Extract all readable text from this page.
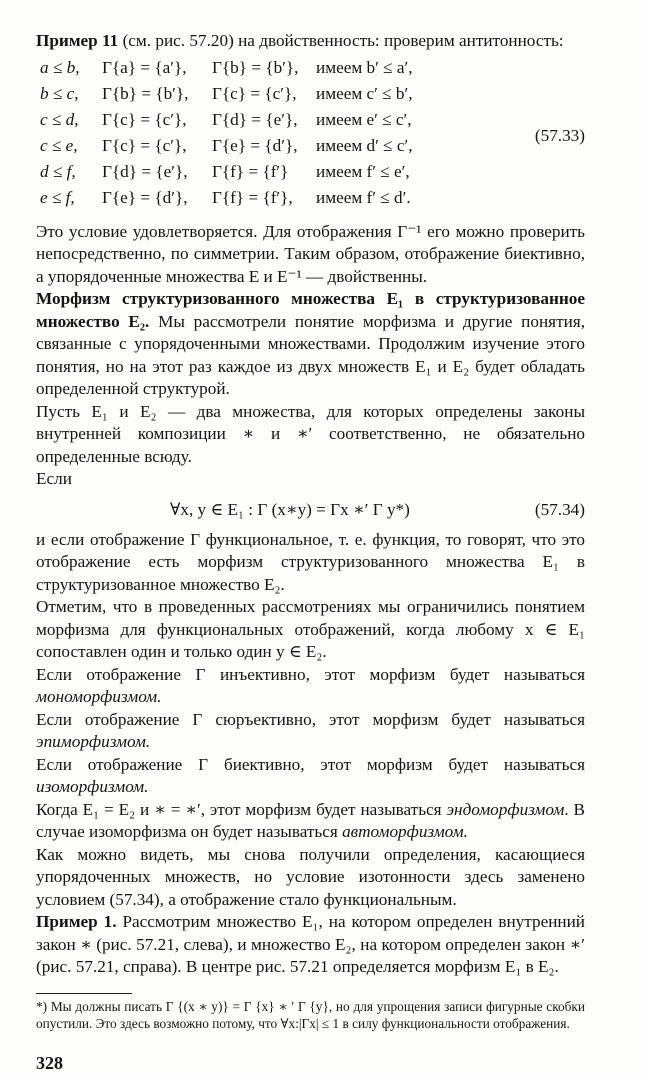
Пример 11 (см. рис. 57.20) на двойственность: проверим антитонность:

a ≤ b, Γ{a} = {a′}, Γ{b} = {b′}, имеем b′ ≤ a′,
b ≤ c, Γ{b} = {b′}, Γ{c} = {c′}, имеем c′ ≤ b′,
c ≤ d, Γ{c} = {c′}, Γ{d} = {e′}, имеем e′ ≤ c′,
c ≤ e, Γ{c} = {c′}, Γ{e} = {d′}, имеем d′ ≤ c′,
d ≤ f, Γ{d} = {e′}, Γ{f} = {f′} имеем f′ ≤ e′,
e ≤ f, Γ{e} = {d′}, Γ{f} = {f′}, имеем f′ ≤ d′.
(57.33)

Это условие удовлетворяется. Для отображения Γ⁻¹ его можно проверить непосредственно, по симметрии. Таким образом, отображение биективно, а упорядоченные множества E и E⁻¹ — двойственны.

Морфизм структуризованного множества E₁ в структуризованное множество E₂. Мы рассмотрели понятие морфизма и другие понятия, связанные с упорядоченными множествами. Продолжим изучение этого понятия, но на этот раз каждое из двух множеств E₁ и E₂ будет обладать определенной структурой.

Пусть E₁ и E₂ — два множества, для которых определены законы внутренней композиции ∗ и ∗′ соответственно, не обязательно определенные всюду.

Если

∀x, y ∈ E₁ : Γ (x∗y) = Γx ∗′ Γ y*)	(57.34)

и если отображение Γ функциональное, т. е. функция, то говорят, что это отображение есть морфизм структуризованного множества E₁ в структуризованное множество E₂.

Отметим, что в проведенных рассмотрениях мы ограничились понятием морфизма для функциональных отображений, когда любому x ∈ E₁ сопоставлен один и только один y ∈ E₂.

Если отображение Γ инъективно, этот морфизм будет называться мономорфизмом.

Если отображение Γ сюръективно, этот морфизм будет называться эпиморфизмом.

Если отображение Γ биективно, этот морфизм будет называться изоморфизмом.

Когда E₁ = E₂ и ∗ = ∗′, этот морфизм будет называться эндоморфизмом. В случае изоморфизма он будет называться автоморфизмом.

Как можно видеть, мы снова получили определения, касающиеся упорядоченных множеств, но условие изотонности здесь заменено условием (57.34), а отображение стало функциональным.

Пример 1. Рассмотрим множество E₁, на котором определен внутренний закон ∗ (рис. 57.21, слева), и множество E₂, на котором определен закон ∗′ (рис. 57.21, справа). В центре рис. 57.21 определяется морфизм E₁ в E₂.

*) Мы должны писать Γ {(x ∗ y)} = Γ {x} ∗ ′ Γ {y}, но для упрощения записи фигурные скобки опустили. Это здесь возможно потому, что ∀x:|Γx| ≤ 1 в силу функциональности отображения.

328
